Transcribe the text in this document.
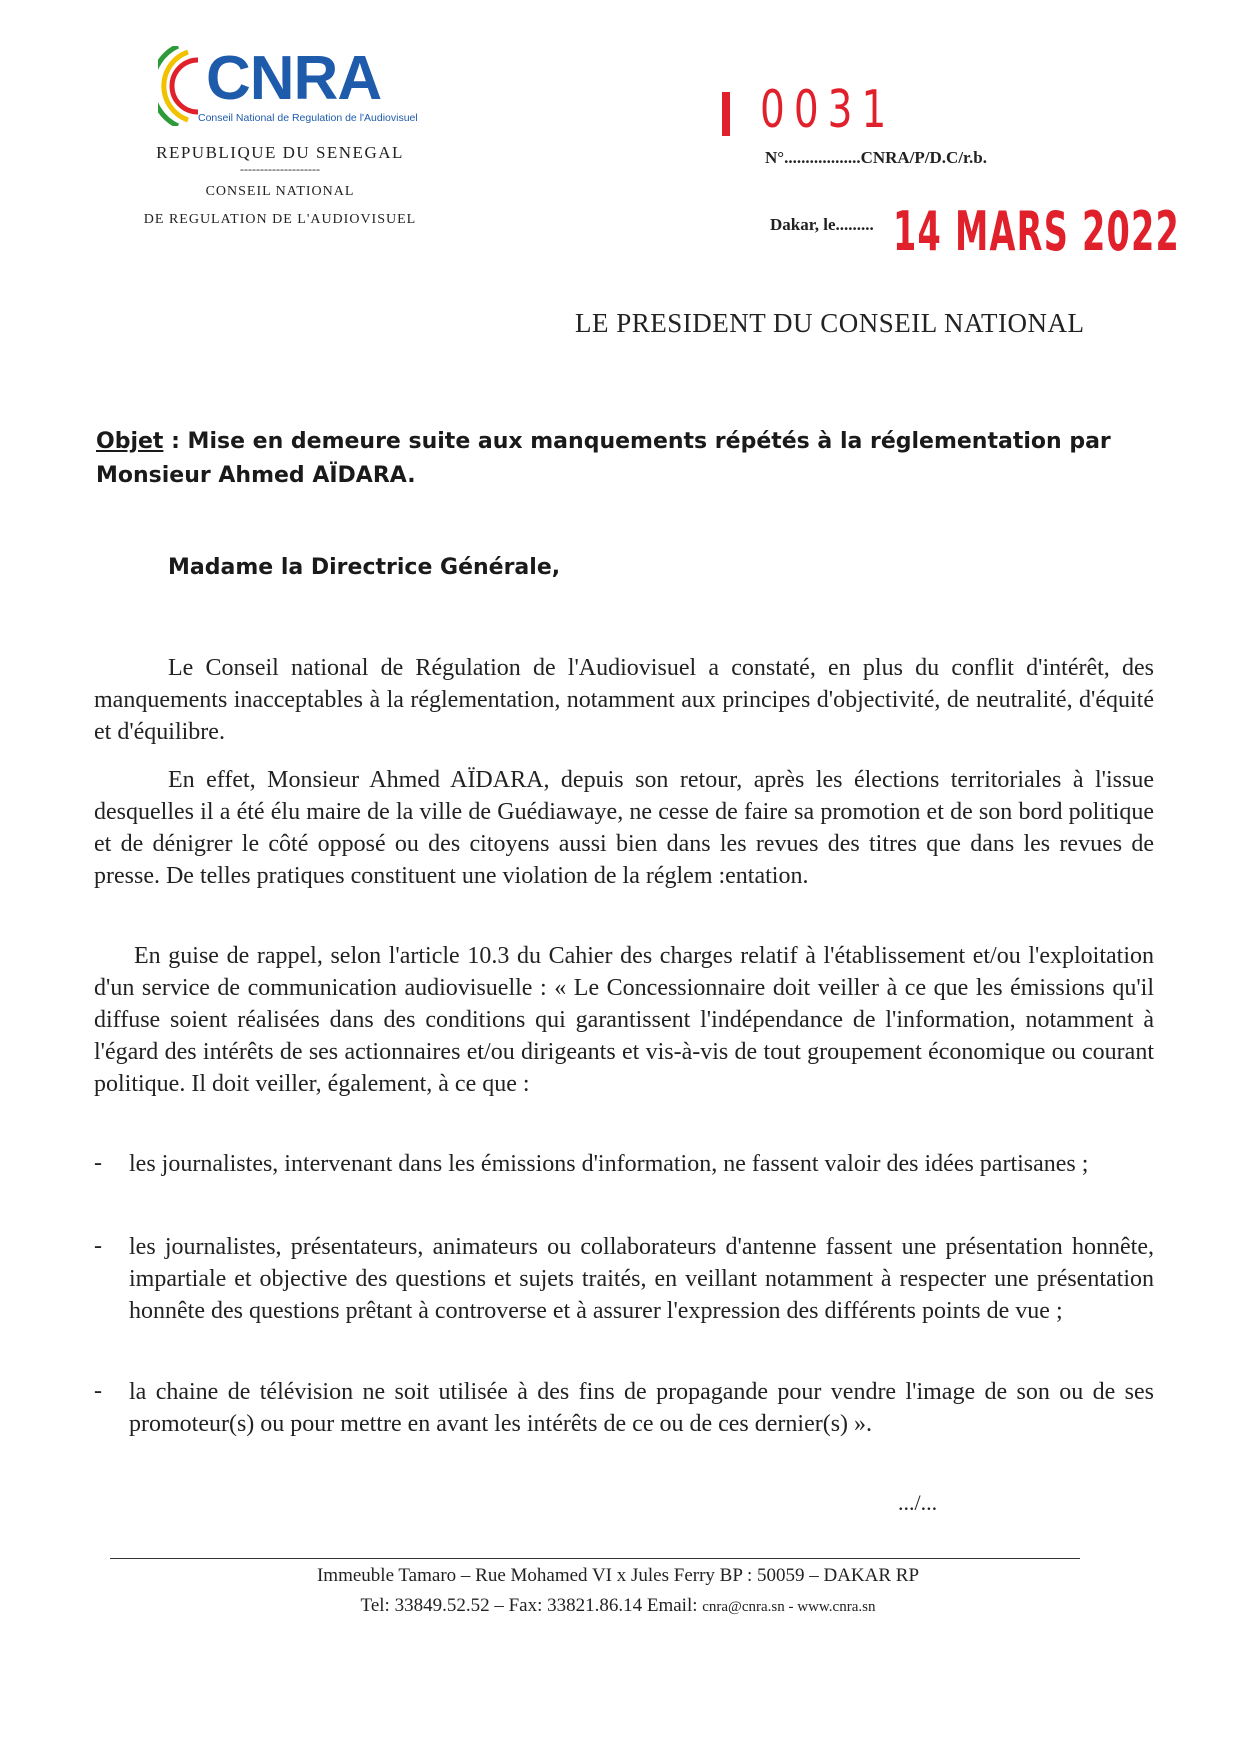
CNRA
Conseil National de Regulation de l'Audiovisuel
REPUBLIQUE DU SENEGAL
--------------------
CONSEIL NATIONAL
DE REGULATION DE L'AUDIOVISUEL
0031
N°..................CNRA/P/D.C/r.b.
Dakar, le......... 14 MARS 2022
LE PRESIDENT DU CONSEIL NATIONAL
Objet : Mise en demeure suite aux manquements répétés à la réglementation par Monsieur Ahmed AÏDARA.
Madame la Directrice Générale,
Le Conseil national de Régulation de l'Audiovisuel a constaté, en plus du conflit d'intérêt, des manquements inacceptables à la réglementation, notamment aux principes d'objectivité, de neutralité, d'équité et d'équilibre.
En effet, Monsieur Ahmed AÏDARA, depuis son retour, après les élections territoriales à l'issue desquelles il a été élu maire de la ville de Guédiawaye, ne cesse de faire sa promotion et de son bord politique et de dénigrer le côté opposé ou des citoyens aussi bien dans les revues des titres que dans les revues de presse. De telles pratiques constituent une violation de la réglem :entation.
En guise de rappel, selon l'article 10.3 du Cahier des charges relatif à l'établissement et/ou l'exploitation d'un service de communication audiovisuelle : « Le Concessionnaire doit veiller à ce que les émissions qu'il diffuse soient réalisées dans des conditions qui garantissent l'indépendance de l'information, notamment à l'égard des intérêts de ses actionnaires et/ou dirigeants et vis-à-vis de tout groupement économique ou courant politique. Il doit veiller, également, à ce que :
- les journalistes, intervenant dans les émissions d'information, ne fassent valoir des idées partisanes ;
- les journalistes, présentateurs, animateurs ou collaborateurs d'antenne fassent une présentation honnête, impartiale et objective des questions et sujets traités, en veillant notamment à respecter une présentation honnête des questions prêtant à controverse et à assurer l'expression des différents points de vue ;
- la chaine de télévision ne soit utilisée à des fins de propagande pour vendre l'image de son ou de ses promoteur(s) ou pour mettre en avant les intérêts de ce ou de ces dernier(s) ».
.../...
Immeuble Tamaro – Rue Mohamed VI x Jules Ferry BP : 50059 – DAKAR RP
Tel: 33849.52.52 – Fax: 33821.86.14 Email: cnra@cnra.sn - www.cnra.sn
